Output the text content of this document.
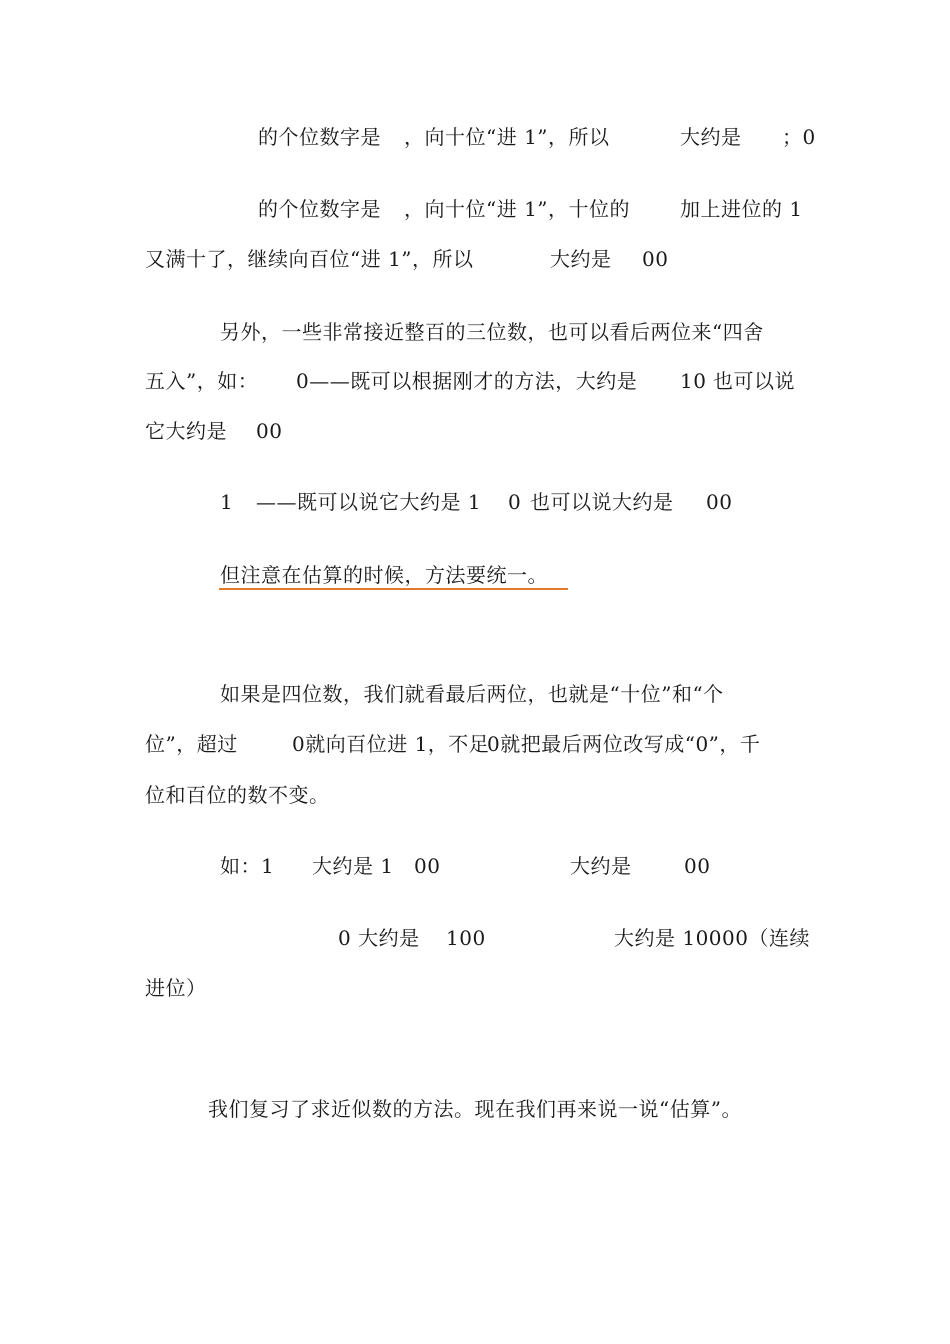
的个位数字是 ，向十位“进 1”，所以	大约是 ；0
的个位数字是 ，向十位“进 1”，十位的 加上进位的 1
又满十了，继续向百位“进 1”，所以	大约是 00
另外，一些非常接近整百的三位数，也可以看后两位来“四舍
五入”，如： 0——既可以根据刚才的方法，大约是 10 也可以说
它大约是 00
1 ——既可以说它大约是 1 0 也可以说大约是 00
但注意在估算的时候，方法要统一。
如果是四位数，我们就看最后两位，也就是“十位”和“个
位”，超过	0就向百位进 1，不足
0就把最后两位改写成“0”，千
位和百位的数不变。
如：1 大约是 1 00	大约是	00
0 大约是 100	大约是 10000（连续
进位）
我们复习了求近似数的方法。现在我们再来说一说“估算”。
